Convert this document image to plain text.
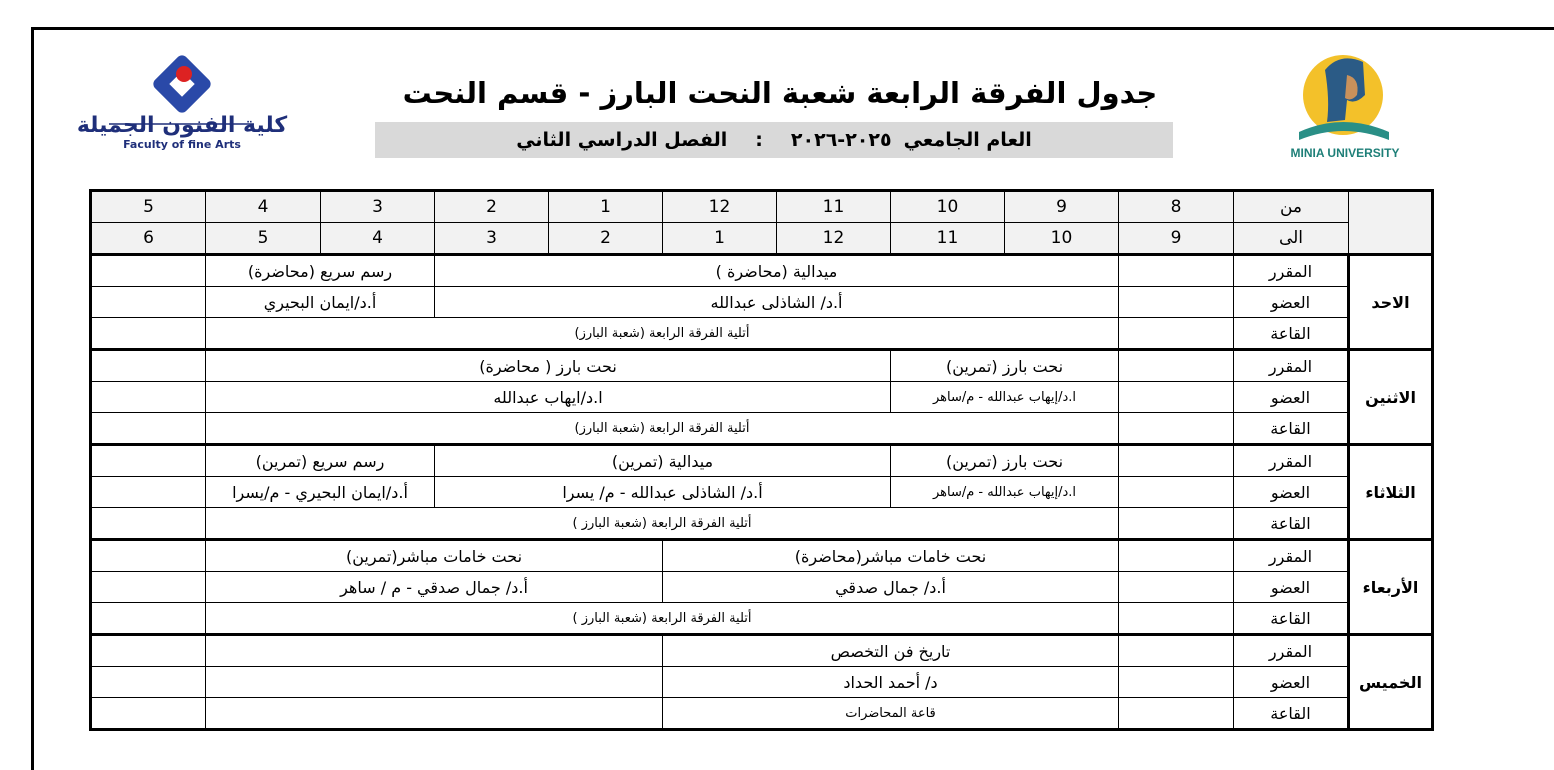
كلية الفنون الجميلة
Faculty of fine Arts
MINIA UNIVERSITY
جدول الفرقة الرابعة شعبة النحت البارز - قسم النحت
العام الجامعي
٢٠٢٥-٢٠٢٦
:
الفصل الدراسي الثاني
	من	8	9	10	11	12	1	2	3	4	5
	الى	9	10	11	12	1	2	3	4	5	6
الاحد	المقرر		ميدالية (محاضرة )						رسم سريع (محاضرة)		
	العضو		أ.د/ الشاذلى عبدالله						أ.د/ايمان البحيري		
	القاعة		أتلية الفرقة الرابعة (شعبة البارز)								
الاثنين	المقرر		نحت بارز (تمرين)		نحت بارز ( محاضرة)						
	العضو		ا.د/إيهاب عبدالله - م/ساهر		ا.د/ايهاب عبدالله						
	القاعة		أتلية الفرقة الرابعة (شعبة البارز)								
الثلاثاء	المقرر		نحت بارز (تمرين)		ميدالية (تمرين)				رسم سريع (تمرين)		
	العضو		ا.د/إيهاب عبدالله - م/ساهر		أ.د/ الشاذلى عبدالله - م/ يسرا				أ.د/ايمان البحيري - م/يسرا		
	القاعة		أتلية الفرقة الرابعة (شعبة البارز )								
الأربعاء	المقرر		نحت خامات مباشر(محاضرة)				نحت خامات مباشر(تمرين)				
	العضو		أ.د/ جمال صدقي				أ.د/ جمال صدقي - م / ساهر				
	القاعة		أتلية الفرقة الرابعة (شعبة البارز )								
الخميس	المقرر		تاريخ فن التخصص								
	العضو		د/ أحمد الحداد								
	القاعة		قاعة المحاضرات								
